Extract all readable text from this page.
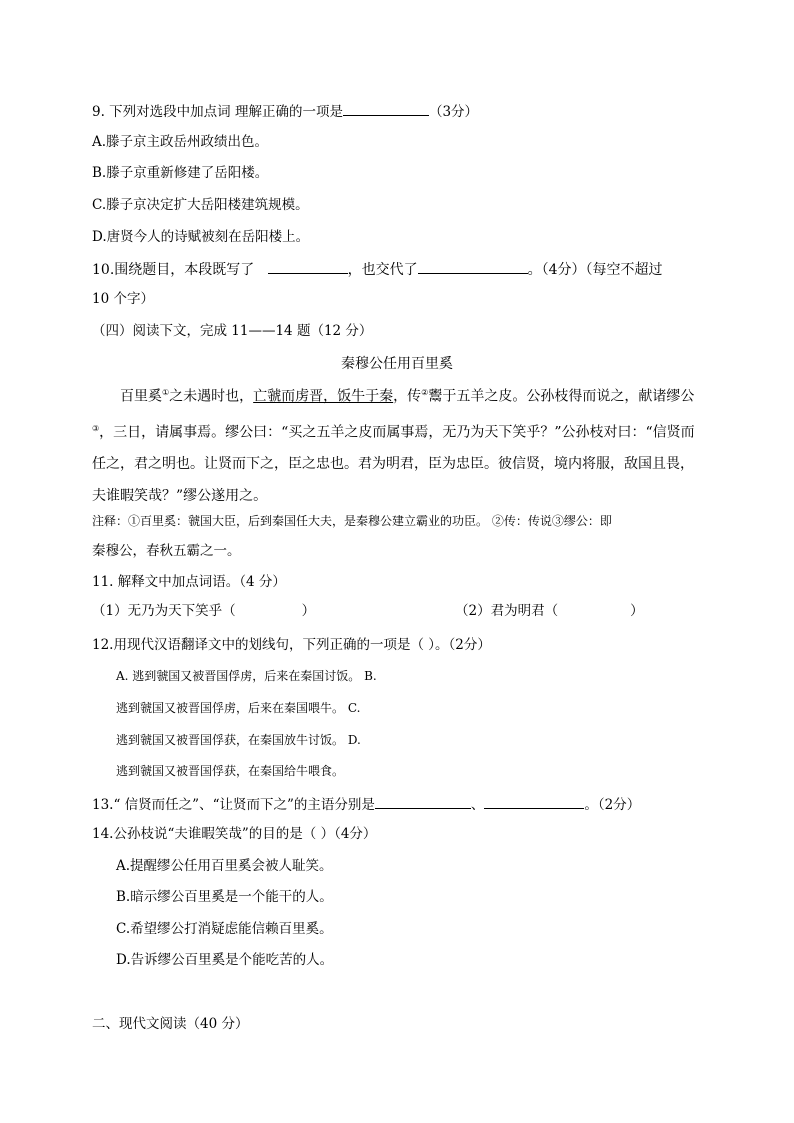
9. 下列对选段中加点词 理解正确的一项是	（3分）
A.滕子京主政岳州政绩出色。
B.滕子京重新修建了岳阳楼。
C.滕子京决定扩大岳阳楼建筑规模。
D.唐贤今人的诗赋被刻在岳阳楼上。
10.围绕题目，本段既写了	，也交代了	。（4分）（每空不超过
10 个字）
（四）阅读下文，完成 11——14 题（12 分）
秦穆公任用百里奚
百里奚①之未遇时也，亡虢而虏晋，饭牛于秦，传②鬻于五羊之皮。公孙枝得而说之，献诸缪公③，三日，请属事焉。缪公曰：“买之五羊之皮而属事焉，无乃为天下笑乎？”公孙枝对曰：“信贤而任之，君之明也。让贤而下之，臣之忠也。君为明君，臣为忠臣。彼信贤，境内将服，敌国且畏， 夫谁暇笑哉？”缪公遂用之。
注释：①百里奚：虢国大臣，后到秦国任大夫，是秦穆公建立霸业的功臣。 ②传：传说③缪公：即
秦穆公，春秋五霸之一。
11. 解释文中加点词语。（4 分）
（1）无乃为天下笑乎（	）	（2）君为明君（	）
12.用现代汉语翻译文中的划线句，下列正确的一项是（ ）。（2分）
A. 逃到虢国又被晋国俘虏，后来在秦国讨饭。 B.
逃到虢国又被晋国俘虏，后来在秦国喂牛。 C.
逃到虢国又被晋国俘获，在秦国放牛讨饭。 D.
逃到虢国又被晋国俘获，在秦国给牛喂食。
13.“ 信贤而任之”、“让贤而下之”的主语分别是	、	。（2分）
14.公孙枝说“夫谁暇笑哉”的目的是（ ）（4分）
A.提醒缪公任用百里奚会被人耻笑。
B.暗示缪公百里奚是一个能干的人。
C.希望缪公打消疑虑能信赖百里奚。
D.告诉缪公百里奚是个能吃苦的人。
二、现代文阅读（40 分）
